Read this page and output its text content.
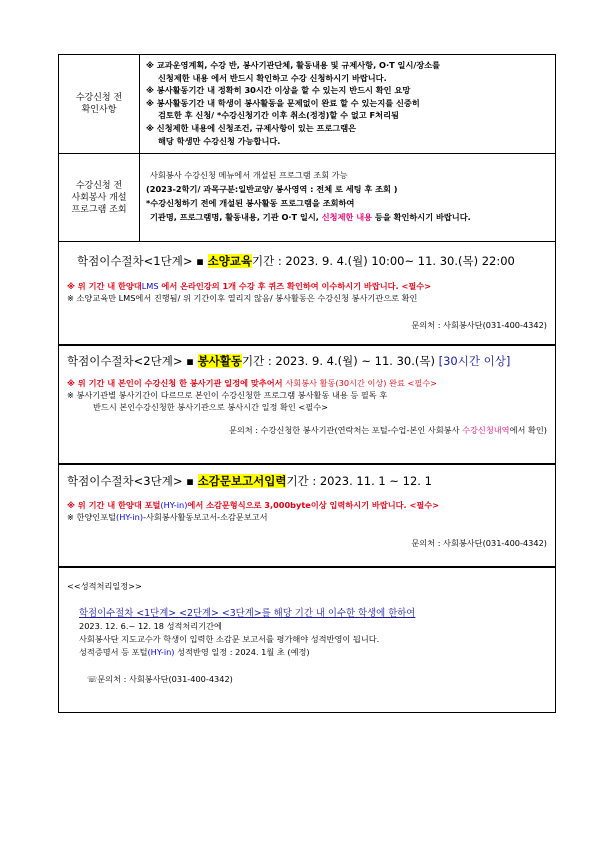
수강신청 전
확인사항
※ 교과운영계획, 수강 반, 봉사기관단체, 활동내용 및 규제사항, O·T 일시/장소를
신청제한 내용 에서 반드시 확인하고 수강 신청하시기 바랍니다.
※ 봉사활동기간 내 정확히 30시간 이상을 할 수 있는지 반드시 확인 요망
※ 봉사활동기간 내 학생이 봉사활동을 문제없이 완료 할 수 있는지를 신중히
검토한 후 신청/ *수강신청기간 이후 취소(정정)할 수 없고 F처리됨
※ 신청제한 내용에 신청조건, 규제사항이 있는 프로그램은
해당 학생만 수강신청 가능합니다.
수강신청 전
사회봉사 개설
프로그램 조회
사회봉사 수강신청 메뉴에서 개설된 프로그램 조회 가능
(2023-2학기/ 과목구분:일반교양/ 봉사영역 : 전체 로 세팅 후 조회 )
*수강신청하기 전에 개설된 봉사활동 프로그램을 조회하여
기관명, 프로그램명, 활동내용, 기관 O·T 일시, 신청제한 내용 등을 확인하시기 바랍니다.
학점이수절차<1단계> ▪ 소양교육기간 : 2023. 9. 4.(월) 10:00~ 11. 30.(목) 22:00
※ 위 기간 내 한양대LMS 에서 온라인강의 1개 수강 후 퀴즈 확인하여 이수하시기 바랍니다. <필수>
※ 소양교육만 LMS에서 진행됨/ 위 기간이후 열리지 않음/ 봉사활동은 수강신청 봉사기관으로 확인
문의처 : 사회봉사단(031-400-4342)
학점이수절차<2단계> ▪ 봉사활동기간 : 2023. 9. 4.(월) ~ 11. 30.(목) [30시간 이상]
※ 위 기간 내 본인이 수강신청 한 봉사기관 일정에 맞추어서 사회봉사 활동(30시간 이상) 완료 <필수>
※ 봉사기관별 봉사기간이 다르므로 본인이 수강신청한 프로그램 봉사활동 내용 등 필독 후
반드시 본인수강신청한 봉사기관으로 봉사시간 일정 확인 <필수>
문의처 : 수강신청한 봉사기관(연락처는 포털-수업-본인 사회봉사 수강신청내역에서 확인)
학점이수절차<3단계> ▪ 소감문보고서입력기간 : 2023. 11. 1 ~ 12. 1
※ 위 기간 내 한양대 포털(HY-in)에서 소감문형식으로 3,000byte이상 입력하시기 바랍니다. <필수>
※ 한양인포털(HY-in)-사회봉사활동보고서-소감문보고서
문의처 : 사회봉사단(031-400-4342)
<<성적처리일정>>
학점이수절차 <1단계> <2단계> <3단계>를 해당 기간 내 이수한 학생에 한하여
2023. 12. 6.~ 12. 18 성적처리기간에
사회봉사단 지도교수가 학생이 입력한 소감문 보고서를 평가해야 성적반영이 됩니다.
성적증명서 등 포털(HY-in) 성적반영 일정 : 2024. 1월 초 (예정)
☏문의처 : 사회봉사단(031-400-4342)
